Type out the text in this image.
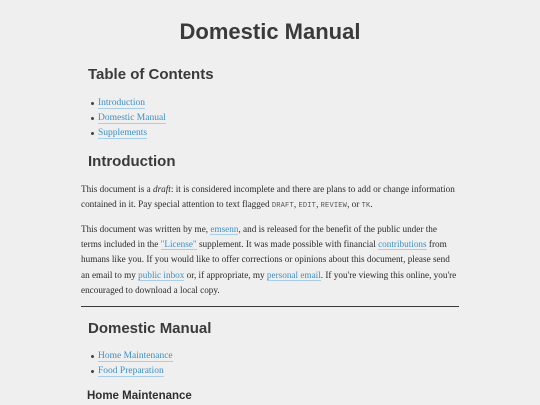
Domestic Manual
Table of Contents
Introduction
Domestic Manual
Supplements
Introduction

This document is a draft: it is considered incomplete and there are plans to add or change information contained in it. Pay special attention to text flagged DRAFT, EDIT, REVIEW, or TK.

This document was written by me, emsenn, and is released for the benefit of the public under the terms included in the "License" supplement. It was made possible with financial contributions from humans like you. If you would like to offer corrections or opinions about this document, please send an email to my public inbox or, if appropriate, my personal email. If you're viewing this online, you're encouraged to download a local copy.

Domestic Manual
Home Maintenance
Food Preparation
Home Maintenance
